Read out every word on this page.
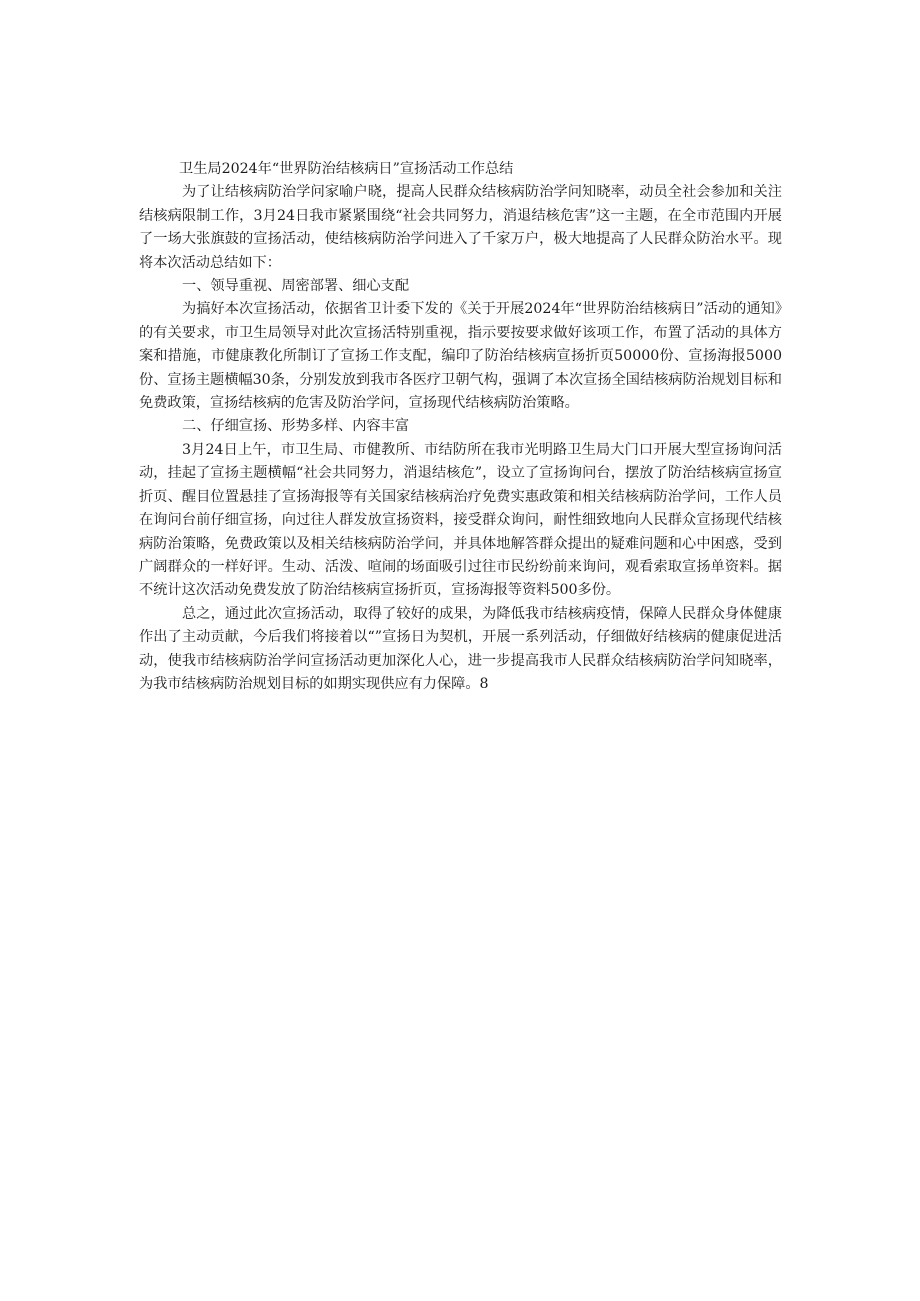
卫生局2024年“世界防治结核病日”宣扬活动工作总结

为了让结核病防治学问家喻户晓，提高人民群众结核病防治学问知晓率，动员全社会参加和关注结核病限制工作，3月24日我市紧紧围绕“社会共同努力，消退结核危害”这一主题，在全市范围内开展了一场大张旗鼓的宣扬活动，使结核病防治学问进入了千家万户，极大地提高了人民群众防治水平。现将本次活动总结如下：

一、领导重视、周密部署、细心支配

为搞好本次宣扬活动，依据省卫计委下发的《关于开展2024年“世界防治结核病日”活动的通知》的有关要求，市卫生局领导对此次宣扬活特别重视，指示要按要求做好该项工作，布置了活动的具体方案和措施，市健康教化所制订了宣扬工作支配，编印了防治结核病宣扬折页50000份、宣扬海报5000份、宣扬主题横幅30条，分别发放到我市各医疗卫朝气构，强调了本次宣扬全国结核病防治规划目标和免费政策，宣扬结核病的危害及防治学问，宣扬现代结核病防治策略。

二、仔细宣扬、形势多样、内容丰富

3月24日上午，市卫生局、市健教所、市结防所在我市光明路卫生局大门口开展大型宣扬询问活动，挂起了宣扬主题横幅“社会共同努力，消退结核危”，设立了宣扬询问台，摆放了防治结核病宣扬宣折页、醒目位置悬挂了宣扬海报等有关国家结核病治疗免费实惠政策和相关结核病防治学问，工作人员在询问台前仔细宣扬，向过往人群发放宣扬资料，接受群众询问，耐性细致地向人民群众宣扬现代结核病防治策略，免费政策以及相关结核病防治学问，并具体地解答群众提出的疑难问题和心中困惑，受到广阔群众的一样好评。生动、活泼、喧闹的场面吸引过往市民纷纷前来询问，观看索取宣扬单资料。据不统计这次活动免费发放了防治结核病宣扬折页，宣扬海报等资料500多份。

总之，通过此次宣扬活动，取得了较好的成果，为降低我市结核病疫情，保障人民群众身体健康作出了主动贡献，今后我们将接着以“”宣扬日为契机，开展一系列活动，仔细做好结核病的健康促进活动，使我市结核病防治学问宣扬活动更加深化人心，进一步提高我市人民群众结核病防治学问知晓率，为我市结核病防治规划目标的如期实现供应有力保障。8
